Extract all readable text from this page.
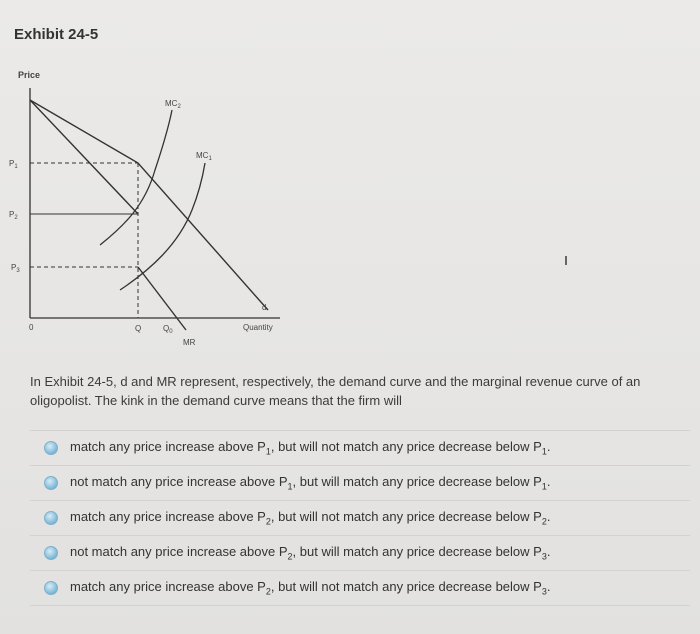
Exhibit 24-5
Price
Quantity
0
$P_1$
$P_2$
$P_3$
d
MR
$MC_2$
$MC_1$
Q	$Q_0$
In Exhibit 24-5, d and MR represent, respectively, the demand curve and the marginal revenue curve of an oligopolist. The kink in the demand curve means that the firm will
match any price increase above $P_1$, but will not match any price decrease below $P_1$.
not match any price increase above $P_1$, but will match any price decrease below $P_1$.
match any price increase above $P_2$, but will not match any price decrease below $P_2$.
not match any price increase above $P_2$, but will match any price decrease below $P_3$.
match any price increase above $P_2$, but will not match any price decrease below $P_3$.
